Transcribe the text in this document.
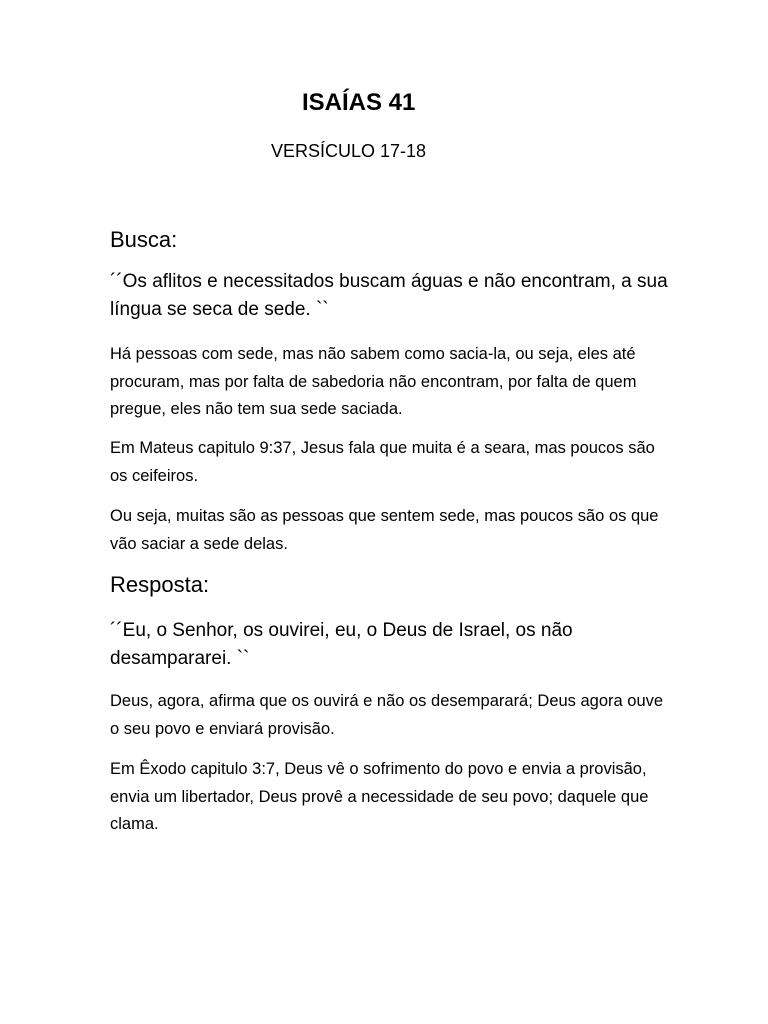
ISAÍAS 41
VERSÍCULO 17-18
Busca:

´´Os aflitos e necessitados buscam águas e não encontram, a sua língua se seca de sede. ``

Há pessoas com sede, mas não sabem como sacia-la, ou seja, eles até procuram, mas por falta de sabedoria não encontram, por falta de quem pregue, eles não tem sua sede saciada.

Em Mateus capitulo 9:37, Jesus fala que muita é a seara, mas poucos são os ceifeiros.

Ou seja, muitas são as pessoas que sentem sede, mas poucos são os que vão saciar a sede delas.

Resposta:

´´Eu, o Senhor, os ouvirei, eu, o Deus de Israel, os não desampararei. ``

Deus, agora, afirma que os ouvirá e não os desemparará; Deus agora ouve o seu povo e enviará provisão.

Em Êxodo capitulo 3:7, Deus vê o sofrimento do povo e envia a provisão, envia um libertador, Deus provê a necessidade de seu povo; daquele que clama.
